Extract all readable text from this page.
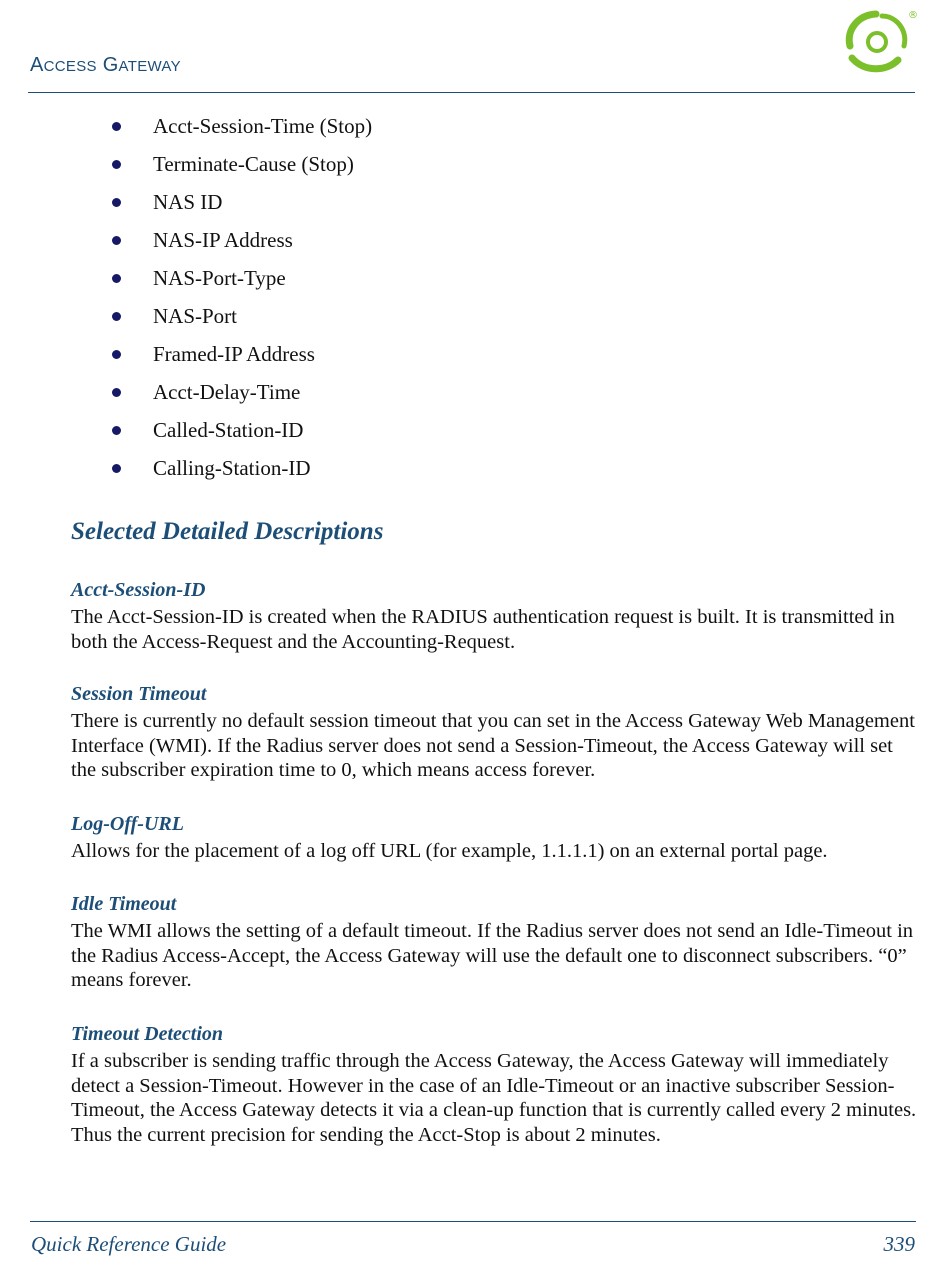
ACCESS GATEWAY
®
Acct-Session-Time (Stop)
Terminate-Cause (Stop)
NAS ID
NAS-IP Address
NAS-Port-Type
NAS-Port
Framed-IP Address
Acct-Delay-Time
Called-Station-ID
Calling-Station-ID
Selected Detailed Descriptions
Acct-Session-ID

The Acct-Session-ID is created when the RADIUS authentication request is built. It is transmitted in both the Access-Request and the Accounting-Request.

Session Timeout

There is currently no default session timeout that you can set in the Access Gateway Web Management Interface (WMI). If the Radius server does not send a Session-Timeout, the Access Gateway will set the subscriber expiration time to 0, which means access forever.

Log-Off-URL

Allows for the placement of a log off URL (for example, 1.1.1.1) on an external portal page.

Idle Timeout

The WMI allows the setting of a default timeout. If the Radius server does not send an Idle-Timeout in the Radius Access-Accept, the Access Gateway will use the default one to disconnect subscribers. “0” means forever.

Timeout Detection

If a subscriber is sending traffic through the Access Gateway, the Access Gateway will immediately detect a Session-Timeout. However in the case of an Idle-Timeout or an inactive subscriber Session-Timeout, the Access Gateway detects it via a clean-up function that is currently called every 2 minutes. Thus the current precision for sending the Acct-Stop is about 2 minutes.

Quick Reference Guide	339
